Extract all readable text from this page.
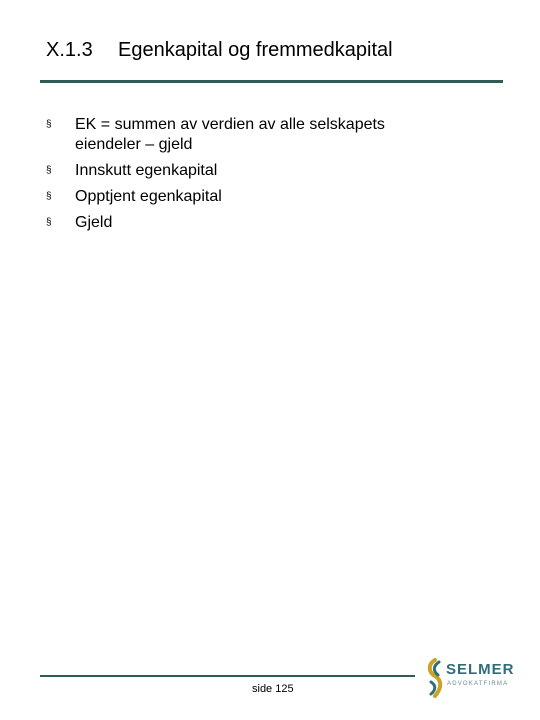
X.1.3 Egenkapital og fremmedkapital
§ EK = summen av verdien av alle selskapets eiendeler – gjeld
§ Innskutt egenkapital
§ Opptjent egenkapital
§ Gjeld
side 125
SELMER
ADVOKATFIRMA
